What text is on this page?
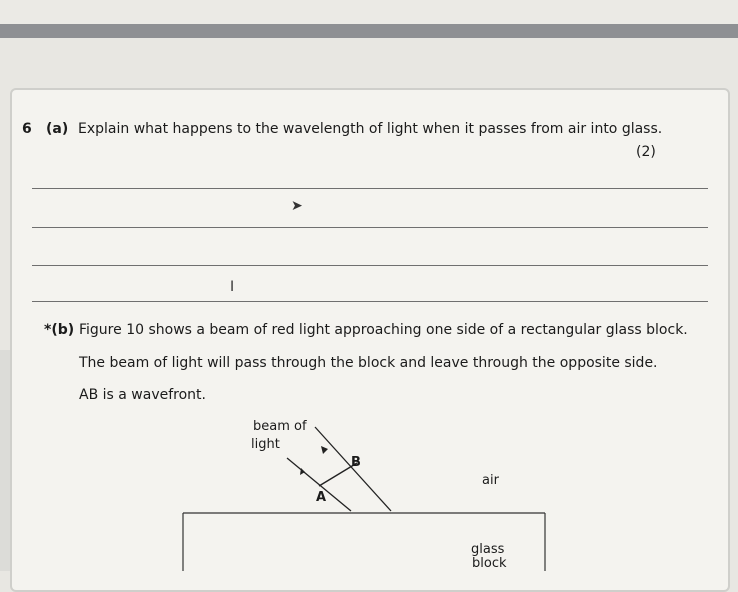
6 (a) Explain what happens to the wavelength of light when it passes from air into glass.
(2)
➤
I
*(b) Figure 10 shows a beam of red light approaching one side of a rectangular glass block.
The beam of light will pass through the block and leave through the opposite side.
AB is a wavefront.
beam of
light
B
A
air
glass
block
